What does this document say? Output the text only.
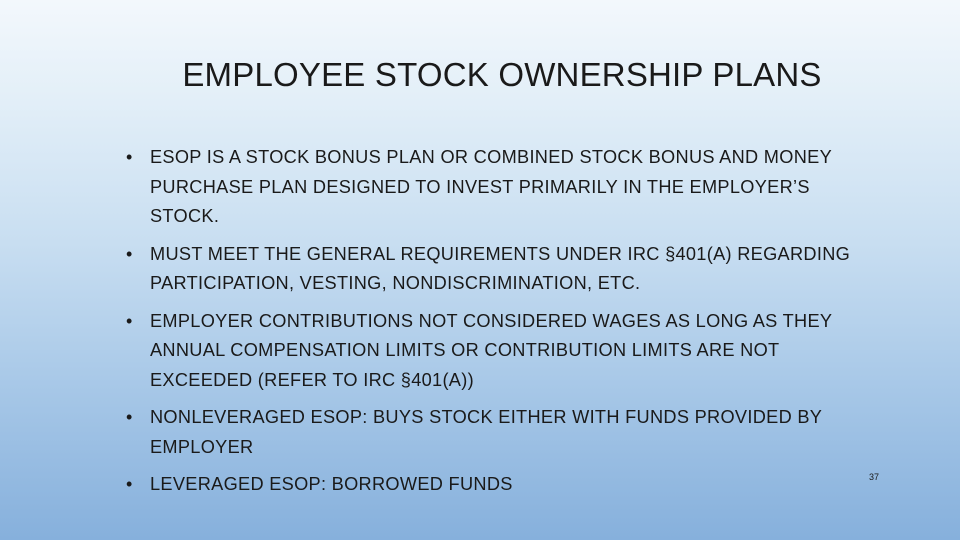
EMPLOYEE STOCK OWNERSHIP PLANS
• ESOP IS A STOCK BONUS PLAN OR COMBINED STOCK BONUS AND MONEY
PURCHASE PLAN DESIGNED TO INVEST PRIMARILY IN THE EMPLOYER’S
STOCK.
• MUST MEET THE GENERAL REQUIREMENTS UNDER IRC §401(A) REGARDING
PARTICIPATION, VESTING, NONDISCRIMINATION, ETC.
• EMPLOYER CONTRIBUTIONS NOT CONSIDERED WAGES AS LONG AS THEY
ANNUAL COMPENSATION LIMITS OR CONTRIBUTION LIMITS ARE NOT
EXCEEDED (REFER TO IRC §401(A))
• NONLEVERAGED ESOP: BUYS STOCK EITHER WITH FUNDS PROVIDED BY
EMPLOYER
• LEVERAGED ESOP: BORROWED FUNDS	37
